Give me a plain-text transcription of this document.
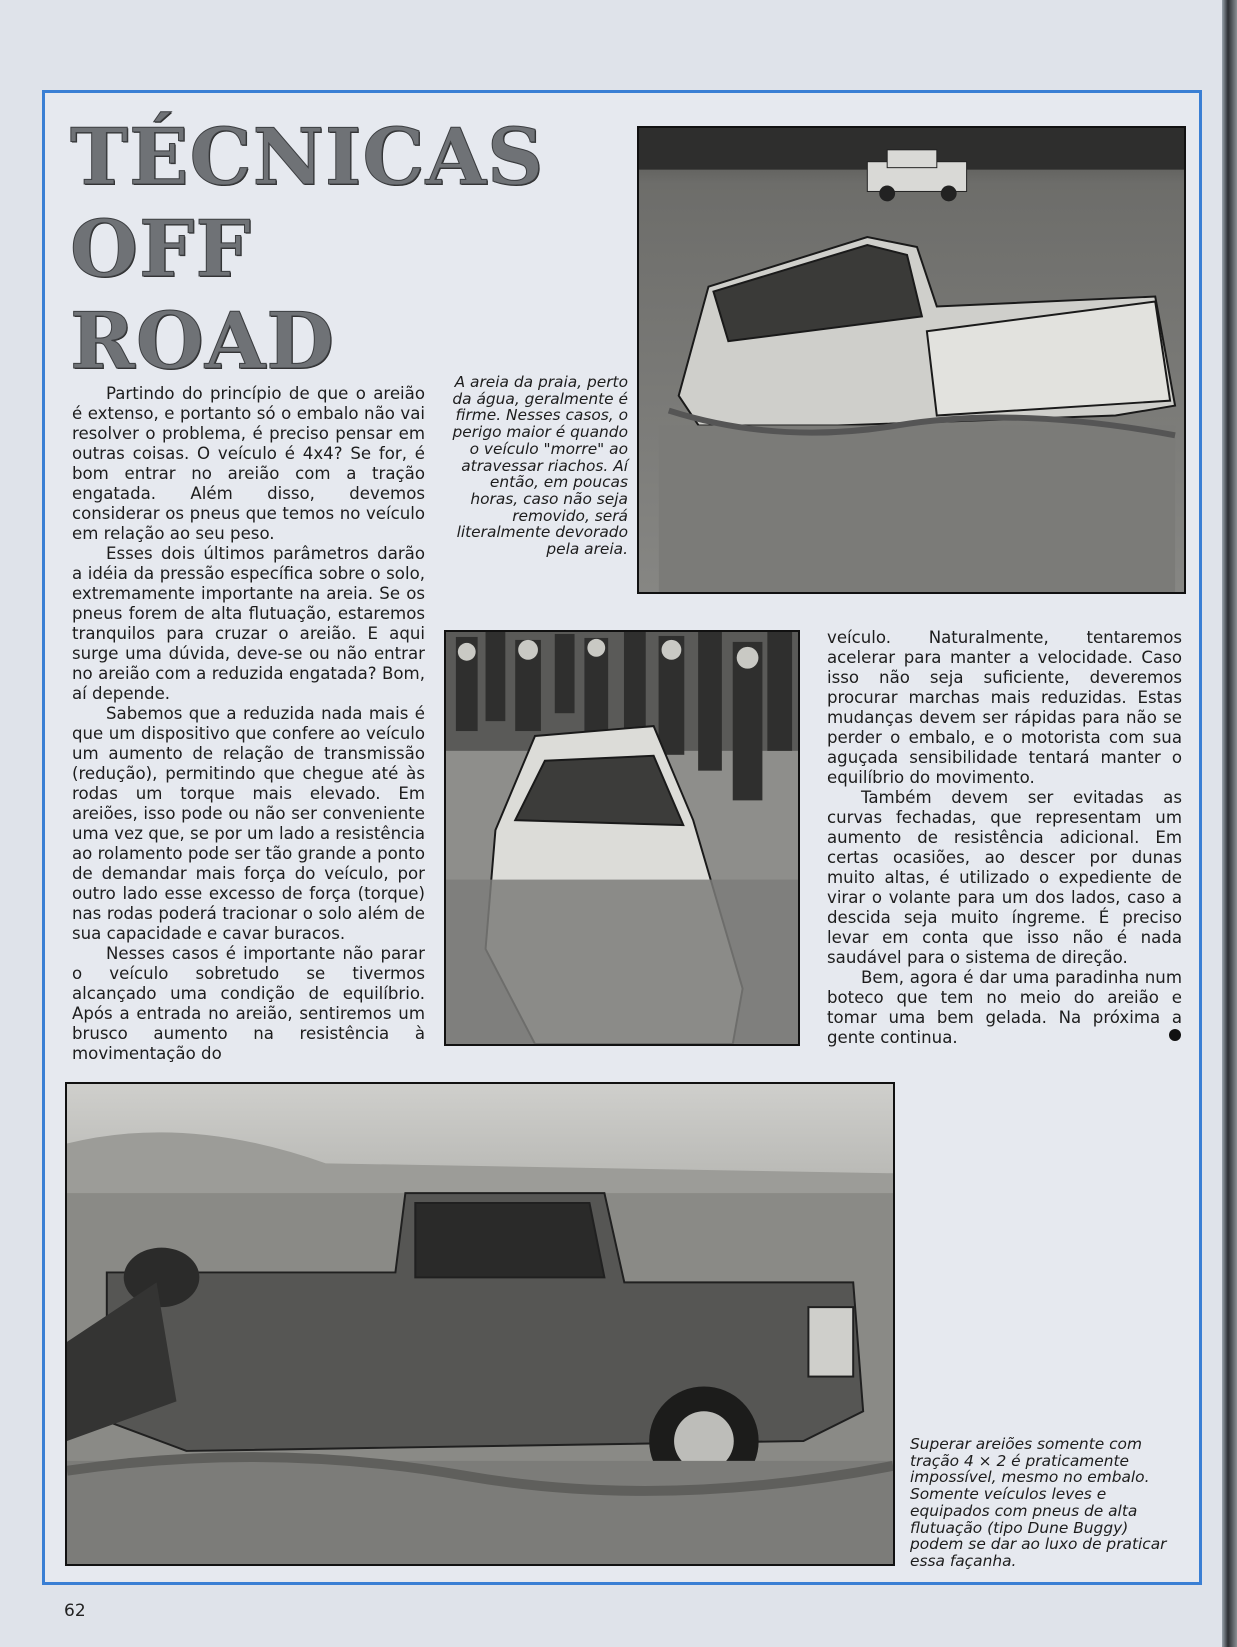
TÉCNICAS
OFF ROAD	A areia da praia, perto da água, geralmente é firme. Nesses casos, o perigo maior é quando o veículo "morre" ao atravessar riachos. Aí então, em poucas horas, caso não seja removido, será literalmente devorado pela areia.

Partindo do princípio de que o areião é extenso, e portanto só o embalo não vai resolver o problema, é preciso pensar em outras coisas. O veículo é 4x4? Se for, é bom entrar no areião com a tração engatada. Além disso, devemos considerar os pneus que temos no veículo em relação ao seu peso.

Esses dois últimos parâmetros darão a idéia da pressão específica sobre o solo, extremamente importante na areia. Se os pneus forem de alta flutuação, estaremos tranquilos para cruzar o areião. E aqui surge uma dúvida, deve-se ou não entrar no areião com a reduzida engatada? Bom, aí depende.

Sabemos que a reduzida nada mais é que um dispositivo que confere ao veículo um aumento de relação de transmissão (redução), permitindo que chegue até às rodas um torque mais elevado. Em areiões, isso pode ou não ser conveniente uma vez que, se por um lado a resistência ao rolamento pode ser tão grande a ponto de demandar mais força do veículo, por outro lado esse excesso de força (torque) nas rodas poderá tracionar o solo além de sua capacidade e cavar buracos.

Nesses casos é importante não parar o veículo sobretudo se tivermos alcançado uma condição de equilíbrio. Após a entrada no areião, sentiremos um brusco aumento na resistência à movimentação do

veículo. Naturalmente, tentaremos acelerar para manter a velocidade. Caso isso não seja suficiente, deveremos procurar marchas mais reduzidas. Estas mudanças devem ser rápidas para não se perder o embalo, e o motorista com sua aguçada sensibilidade tentará manter o equilíbrio do movimento.

Também devem ser evitadas as curvas fechadas, que representam um aumento de resistência adicional. Em certas ocasiões, ao descer por dunas muito altas, é utilizado o expediente de virar o volante para um dos lados, caso a descida seja muito íngreme. É preciso levar em conta que isso não é nada saudável para o sistema de direção.

Bem, agora é dar uma paradinha num boteco que tem no meio do areião e tomar uma bem gelada. Na próxima a gente continua.

Superar areiões somente com tração 4 × 2 é praticamente impossível, mesmo no embalo. Somente veículos leves e equipados com pneus de alta flutuação (tipo Dune Buggy) podem se dar ao luxo de praticar essa façanha.
62
